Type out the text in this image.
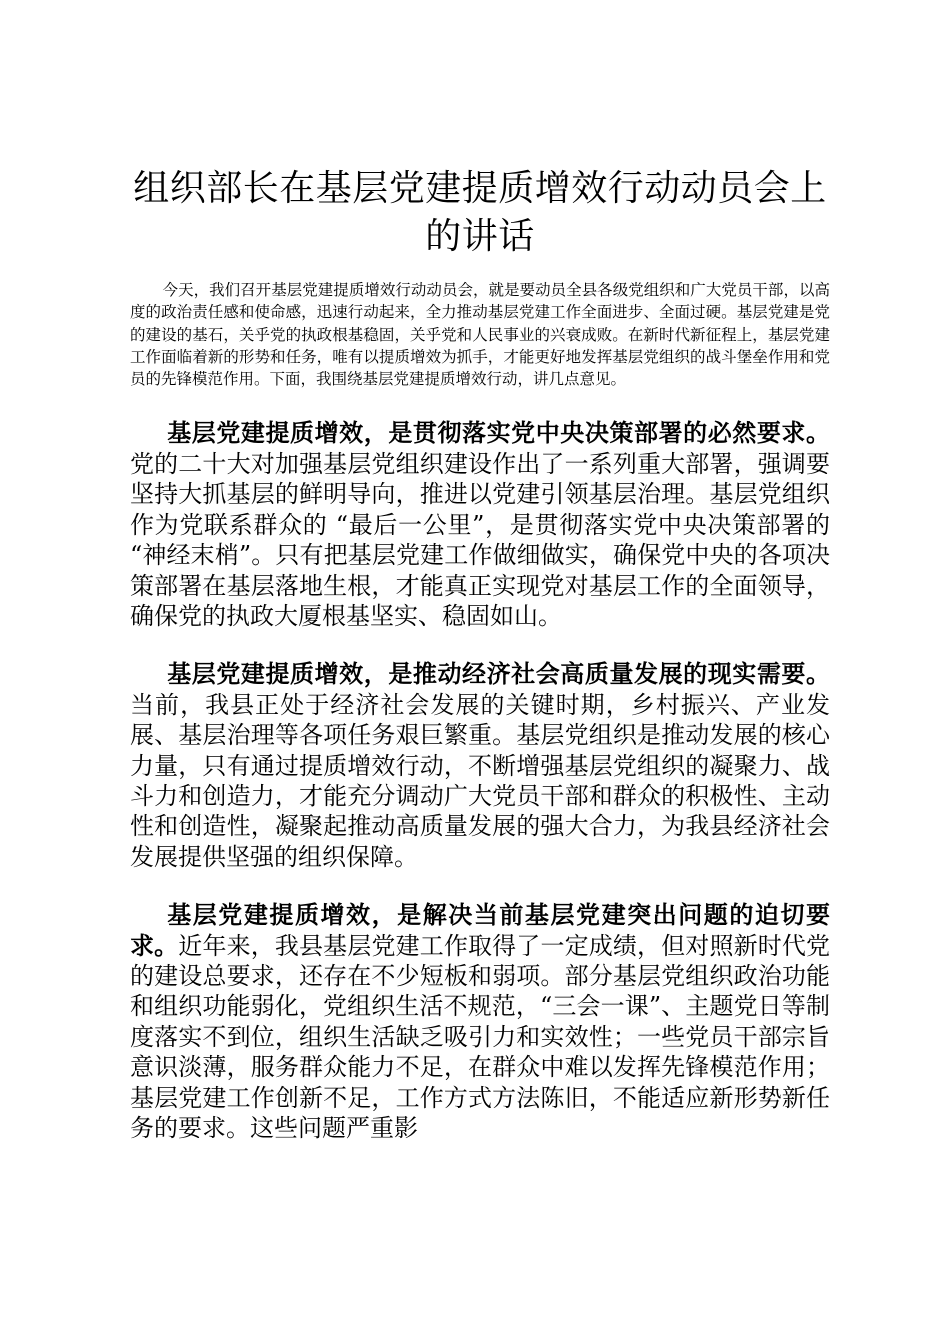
组织部长在基层党建提质增效行动动员会上的讲话

今天，我们召开基层党建提质增效行动动员会，就是要动员全县各级党组织和广大党员干部，以高度的政治责任感和使命感，迅速行动起来，全力推动基层党建工作全面进步、全面过硬。基层党建是党的建设的基石，关乎党的执政根基稳固，关乎党和人民事业的兴衰成败。在新时代新征程上，基层党建工作面临着新的形势和任务，唯有以提质增效为抓手，才能更好地发挥基层党组织的战斗堡垒作用和党员的先锋模范作用。下面，我围绕基层党建提质增效行动，讲几点意见。

基层党建提质增效，是贯彻落实党中央决策部署的必然要求。党的二十大对加强基层党组织建设作出了一系列重大部署，强调要坚持大抓基层的鲜明导向，推进以党建引领基层治理。基层党组织作为党联系群众的 “最后一公里”，是贯彻落实党中央决策部署的 “神经末梢”。只有把基层党建工作做细做实，确保党中央的各项决策部署在基层落地生根，才能真正实现党对基层工作的全面领导，确保党的执政大厦根基坚实、稳固如山。

基层党建提质增效，是推动经济社会高质量发展的现实需要。当前，我县正处于经济社会发展的关键时期，乡村振兴、产业发展、基层治理等各项任务艰巨繁重。基层党组织是推动发展的核心力量，只有通过提质增效行动，不断增强基层党组织的凝聚力、战斗力和创造力，才能充分调动广大党员干部和群众的积极性、主动性和创造性，凝聚起推动高质量发展的强大合力，为我县经济社会发展提供坚强的组织保障。

基层党建提质增效，是解决当前基层党建突出问题的迫切要求。近年来，我县基层党建工作取得了一定成绩，但对照新时代党的建设总要求，还存在不少短板和弱项。部分基层党组织政治功能和组织功能弱化，党组织生活不规范，“三会一课”、主题党日等制度落实不到位，组织生活缺乏吸引力和实效性；一些党员干部宗旨意识淡薄，服务群众能力不足，在群众中难以发挥先锋模范作用；基层党建工作创新不足，工作方式方法陈旧，不能适应新形势新任务的要求。这些问题严重影
